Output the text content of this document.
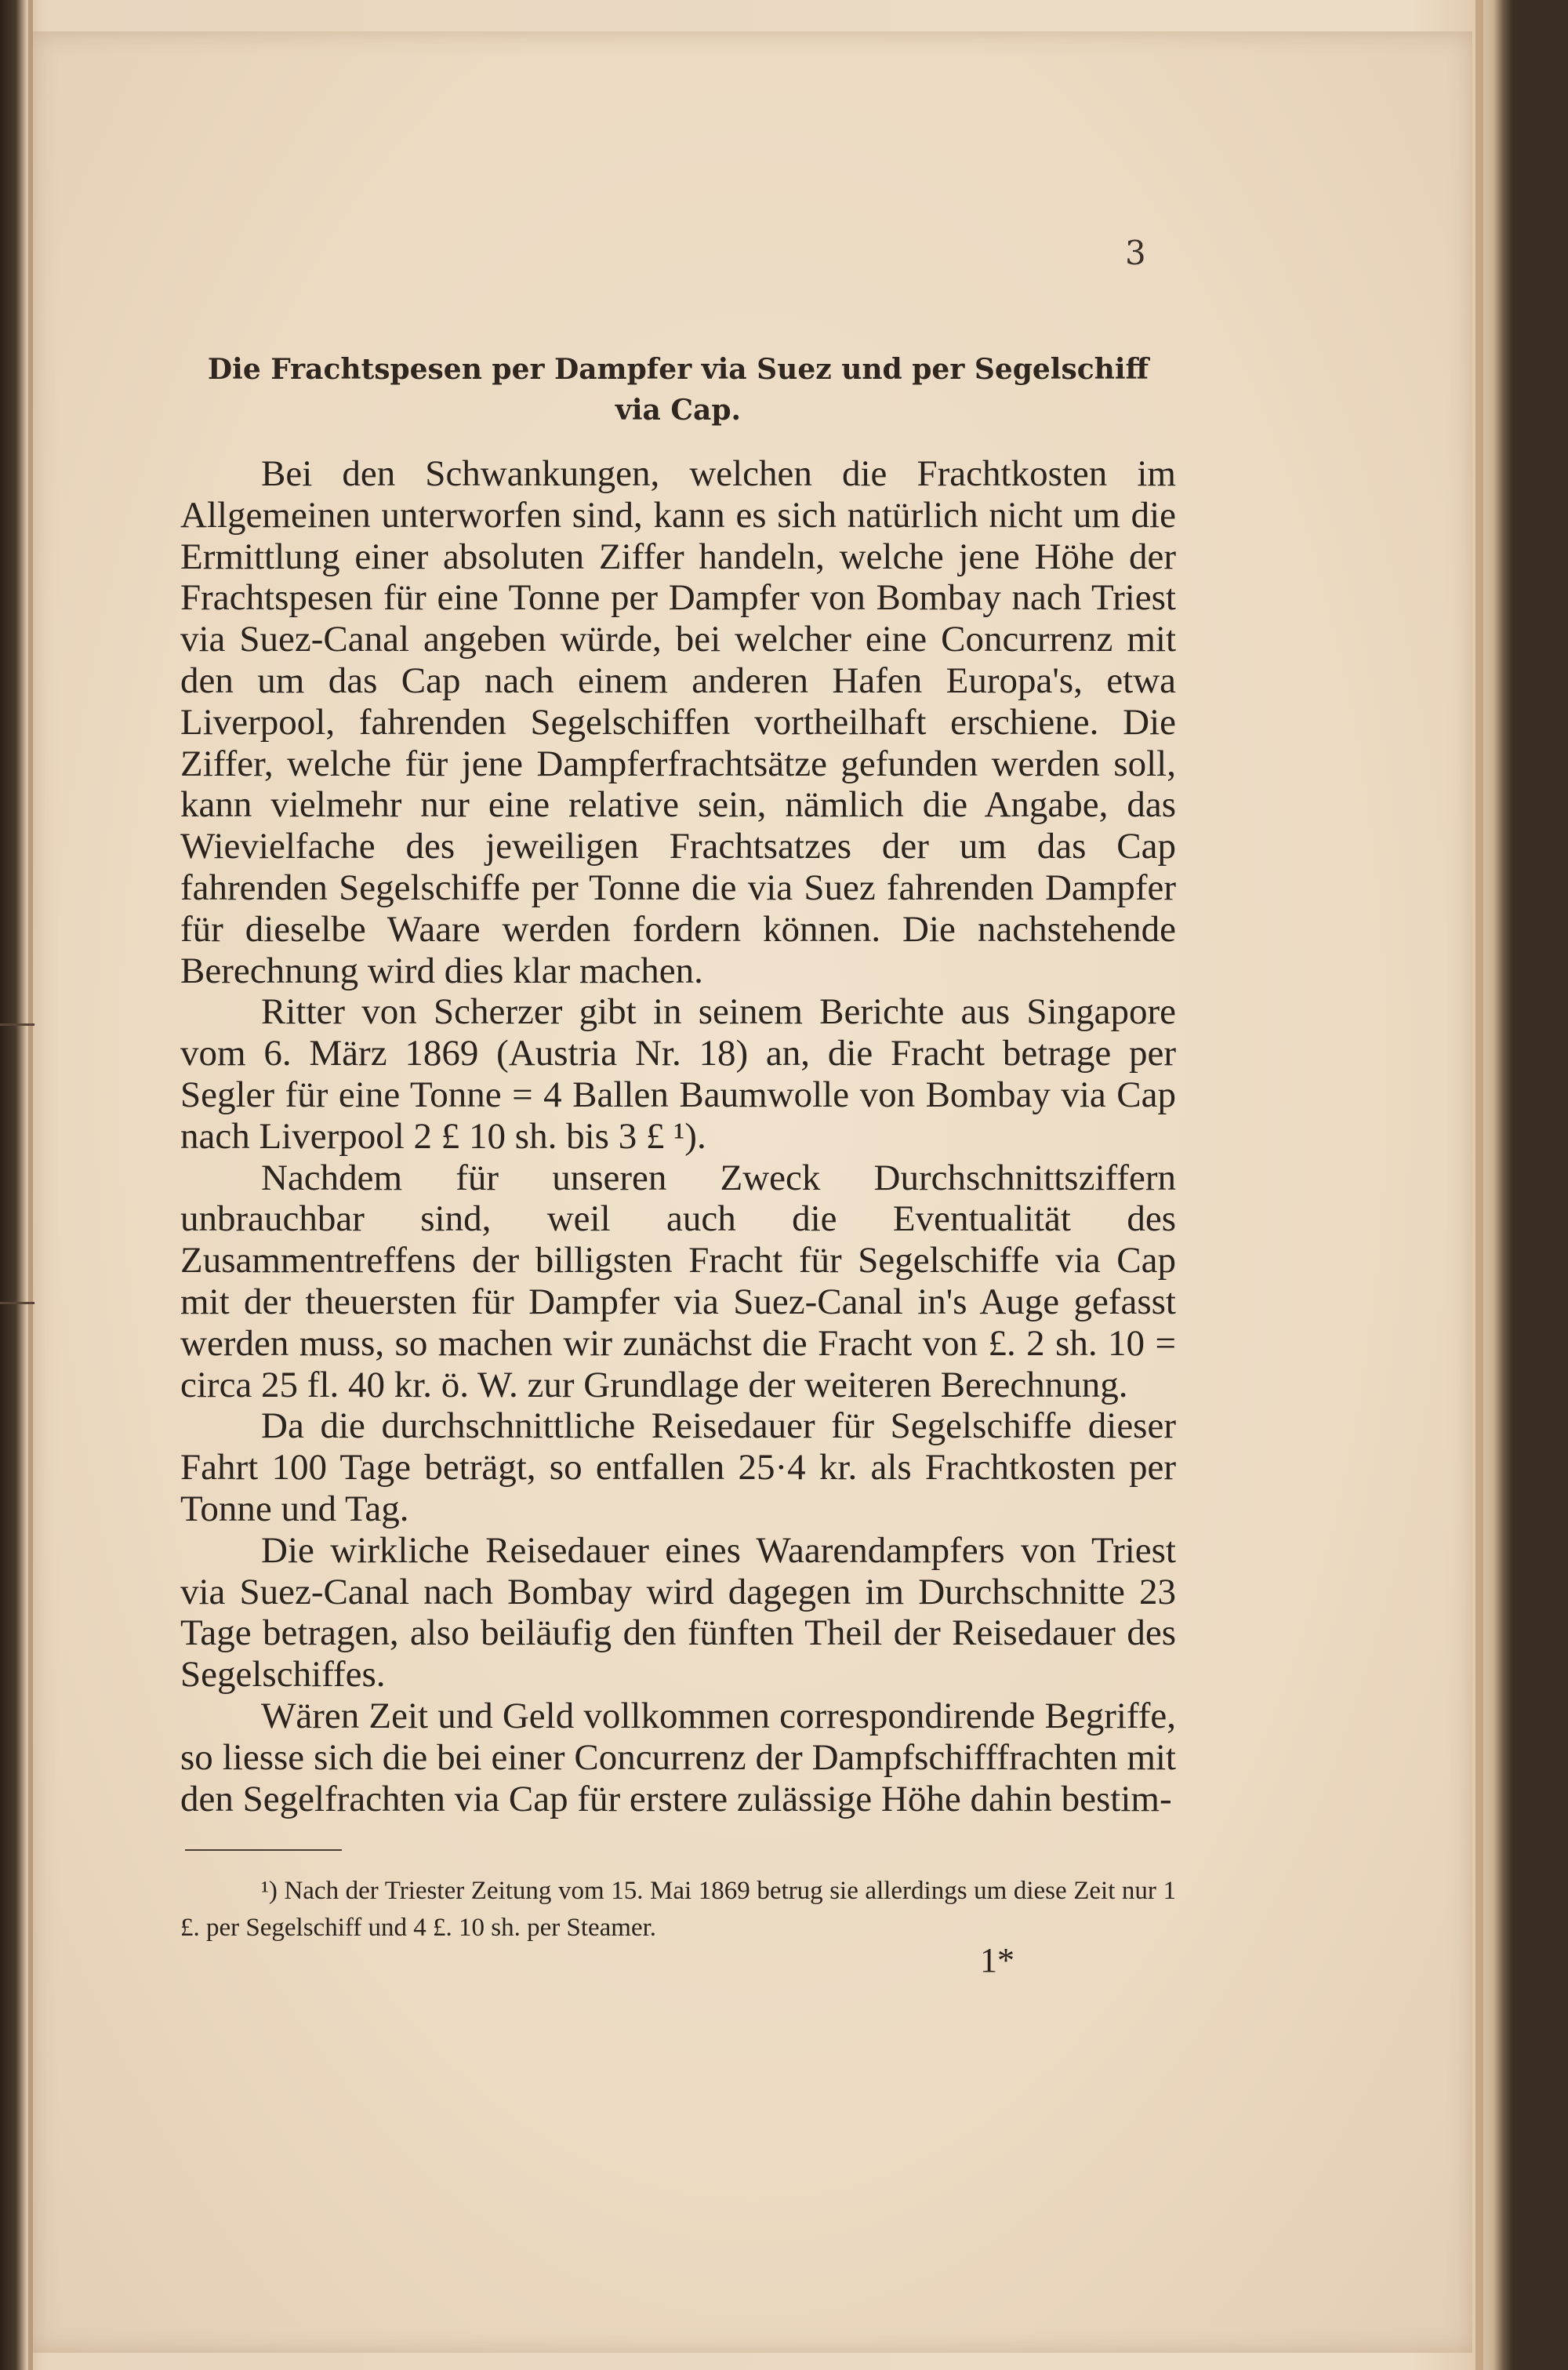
3
Die Frachtspesen per Dampfer via Suez und per Segelschiff
via Cap.

Bei den Schwankungen, welchen die Frachtkosten im Allgemeinen unterworfen sind, kann es sich natürlich nicht um die Ermittlung einer absoluten Ziffer handeln, welche jene Höhe der Frachtspesen für eine Tonne per Dampfer von Bombay nach Triest via Suez-Canal angeben würde, bei welcher eine Concurrenz mit den um das Cap nach einem anderen Hafen Europa's, etwa Liverpool, fahrenden Segelschiffen vortheilhaft erschiene. Die Ziffer, welche für jene Dampferfrachtsätze gefunden werden soll, kann vielmehr nur eine relative sein, nämlich die Angabe, das Wievielfache des jeweiligen Frachtsatzes der um das Cap fahrenden Segelschiffe per Tonne die via Suez fahrenden Dampfer für dieselbe Waare werden fordern können. Die nachstehende Berechnung wird dies klar machen.

Ritter von Scherzer gibt in seinem Berichte aus Singapore vom 6. März 1869 (Austria Nr. 18) an, die Fracht betrage per Segler für eine Tonne = 4 Ballen Baumwolle von Bombay via Cap nach Liverpool 2 £ 10 sh. bis 3 £ ¹).

Nachdem für unseren Zweck Durchschnittsziffern unbrauchbar sind, weil auch die Eventualität des Zusammentreffens der billigsten Fracht für Segelschiffe via Cap mit der theuersten für Dampfer via Suez-Canal in's Auge gefasst werden muss, so machen wir zunächst die Fracht von £. 2 sh. 10 = circa 25 fl. 40 kr. ö. W. zur Grundlage der weiteren Berechnung.

Da die durchschnittliche Reisedauer für Segelschiffe dieser Fahrt 100 Tage beträgt, so entfallen 25·4 kr. als Frachtkosten per Tonne und Tag.

Die wirkliche Reisedauer eines Waarendampfers von Triest via Suez-Canal nach Bombay wird dagegen im Durchschnitte 23 Tage betragen, also beiläufig den fünften Theil der Reisedauer des Segelschiffes.

Wären Zeit und Geld vollkommen correspondirende Begriffe, so liesse sich die bei einer Concurrenz der Dampfschifffrachten mit den Segelfrachten via Cap für erstere zulässige Höhe dahin bestim-

¹) Nach der Triester Zeitung vom 15. Mai 1869 betrug sie allerdings um diese Zeit nur 1 £. per Segelschiff und 4 £. 10 sh. per Steamer.

1*
